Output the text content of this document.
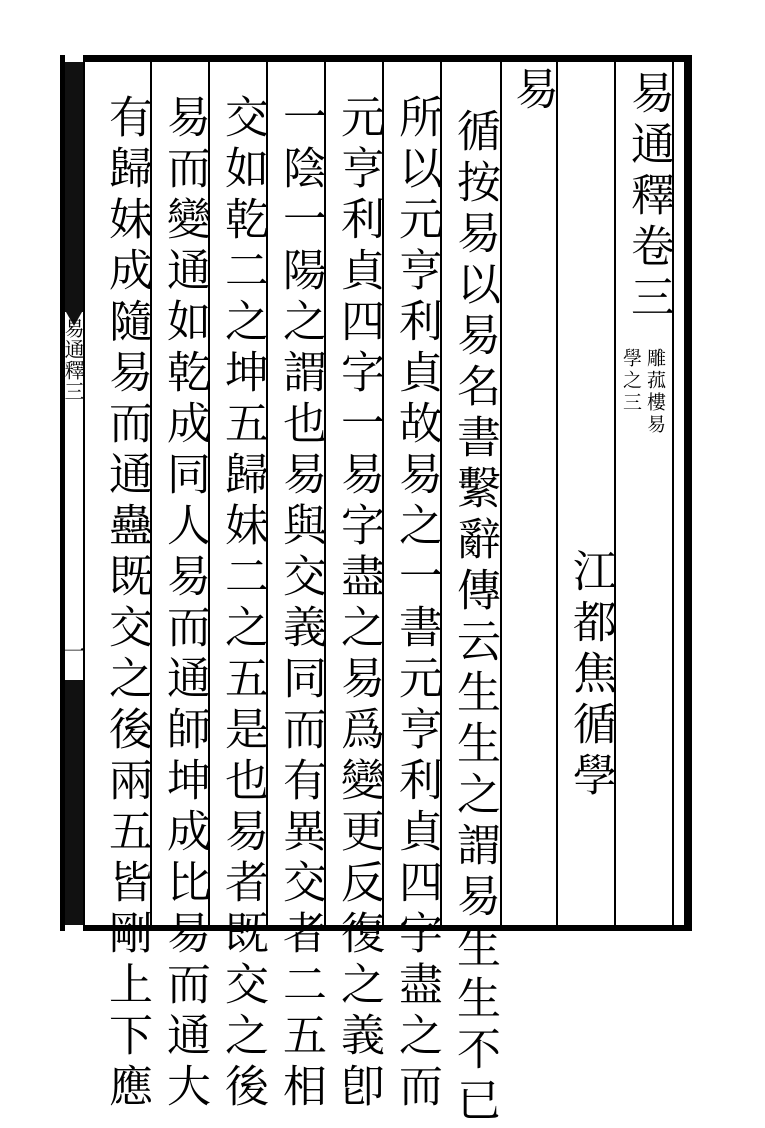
易通釋三
一
易通釋卷三
雕菰樓易
學之三
江都焦循學
易
循按易以易名書繫辭傳云生生之謂易生生不已
所以元亨利貞故易之一書元亨利貞四字盡之而
元亨利貞四字一易字盡之易爲變更反復之義卽
一陰一陽之謂也易與交義同而有異交者二五相
交如乾二之坤五歸妹二之五是也易者既交之後
易而變通如乾成同人易而通師坤成比易而通大
有歸妹成隨易而通蠱既交之後兩五皆剛上下應
